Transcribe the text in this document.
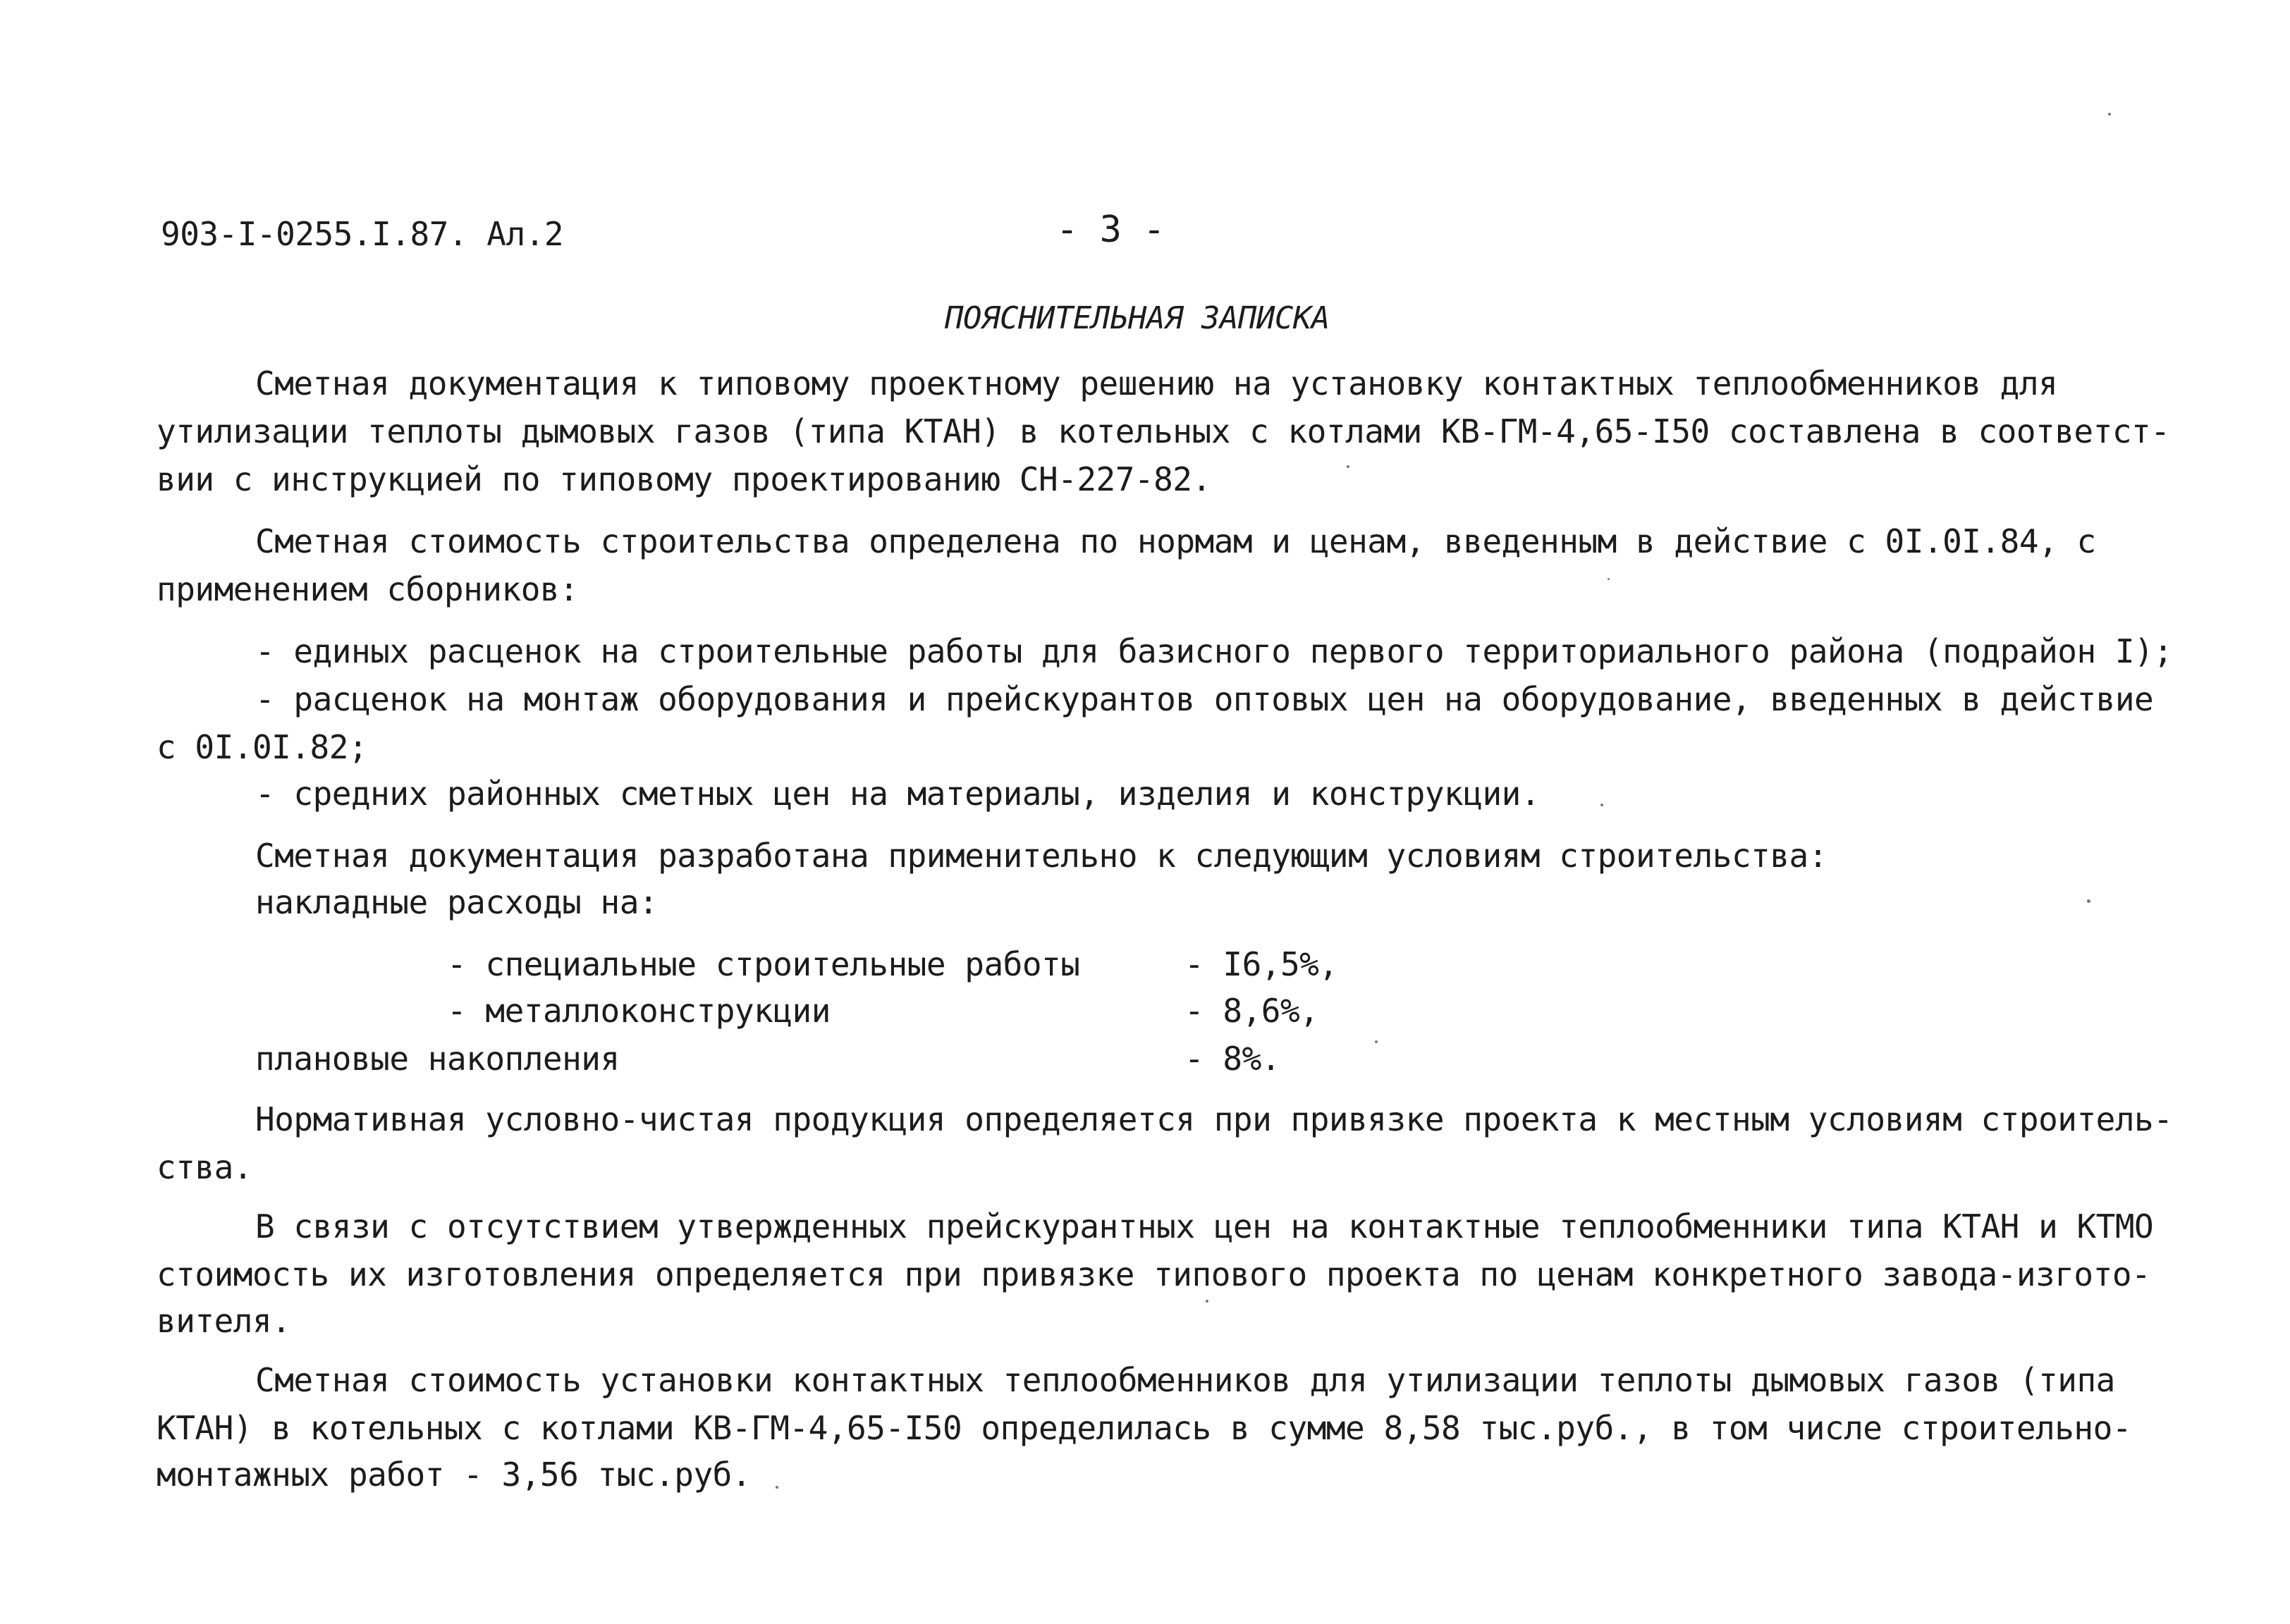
903-I-0255.I.87. Ал.2	- 3 -
ПОЯСНИТЕЛЬНАЯ ЗАПИСКА
Сметная документация к типовому проектному решению на установку контактных теплообменников для
утилизации теплоты дымовых газов (типа КТАН) в котельных с котлами КВ-ГМ-4,65-I50 составлена в соответст-
вии с инструкцией по типовому проектированию СН-227-82.
Сметная стоимость строительства определена по нормам и ценам, введенным в действие с 0I.0I.84, с
применением сборников:
- единых расценок на строительные работы для базисного первого территориального района (подрайон I);
- расценок на монтаж оборудования и прейскурантов оптовых цен на оборудование, введенных в действие
с 0I.0I.82;
- средних районных сметных цен на материалы, изделия и конструкции.
Сметная документация разработана применительно к следующим условиям строительства:
накладные расходы на:
- специальные строительные работы	- I6,5%,
- металлоконструкции	- 8,6%,
плановые накопления	- 8%.
Нормативная условно-чистая продукция определяется при привязке проекта к местным условиям строитель-
ства.
В связи с отсутствием утвержденных прейскурантных цен на контактные теплообменники типа КТАН и КТМО
стоимость их изготовления определяется при привязке типового проекта по ценам конкретного завода-изгото-
вителя.
Сметная стоимость установки контактных теплообменников для утилизации теплоты дымовых газов (типа
КТАН) в котельных с котлами КВ-ГМ-4,65-I50 определилась в сумме 8,58 тыс.руб., в том числе строительно-
монтажных работ - 3,56 тыс.руб.
